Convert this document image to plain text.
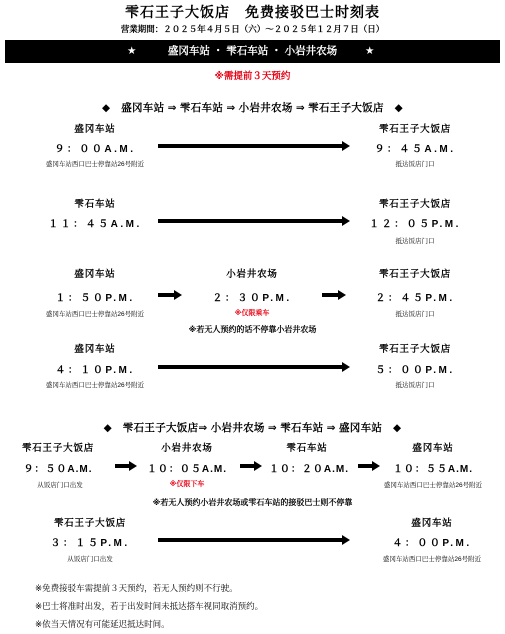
雫石王子大饭店　免费接驳巴士时刻表
营業期間：２０２５年４月５日（六）～２０２５年１２月７日（日）
★	盛冈车站 ・ 雫石车站 ・ 小岩井农场	★
※需提前３天预约
◆　盛冈车站 ⇒ 雫石车站 ⇒ 小岩井农场 ⇒ 雫石王子大饭店　◆
盛冈车站
９：００A.M.
盛冈车站西口巴士停靠站26号附近
雫石王子大饭店
９：４５A.M.
抵达饭店门口
雫石车站
１１：４５A.M.
雫石王子大饭店
１２：０５P.M.
抵达饭店门口
盛冈车站
１：５０P.M.
盛冈车站西口巴士停靠站26号附近
小岩井农场
２：３０P.M.
※仅限乘车
雫石王子大饭店
２：４５P.M.
抵达饭店门口
※若无人预约的话不停靠小岩井农场
盛冈车站
４：１０P.M.
盛冈车站西口巴士停靠站26号附近
雫石王子大饭店
５：００P.M.
抵达饭店门口
◆　雫石王子大饭店⇒ 小岩井农场 ⇒ 雫石车站 ⇒ 盛冈车站　◆
雫石王子大饭店
９：５０A.M.
从饭店门口出发
小岩井农场
１０：０５A.M.
※仅限下车
雫石车站
１０：２０A.M.
盛冈车站
１０：５５A.M.
盛冈车站西口巴士停靠站26号附近
※若无人预约小岩井农场或雫石车站的接驳巴士则不停靠
雫石王子大饭店
３：１５P.M.
从饭店门口出发
盛冈车站
４：００P.M.
盛冈车站西口巴士停靠站26号附近
※免费接驳车需提前３天预约，若无人预约则不行驶。
※巴士将准时出发，若于出发时间未抵达搭车视同取消预约。
※依当天情况有可能延迟抵达时间。
